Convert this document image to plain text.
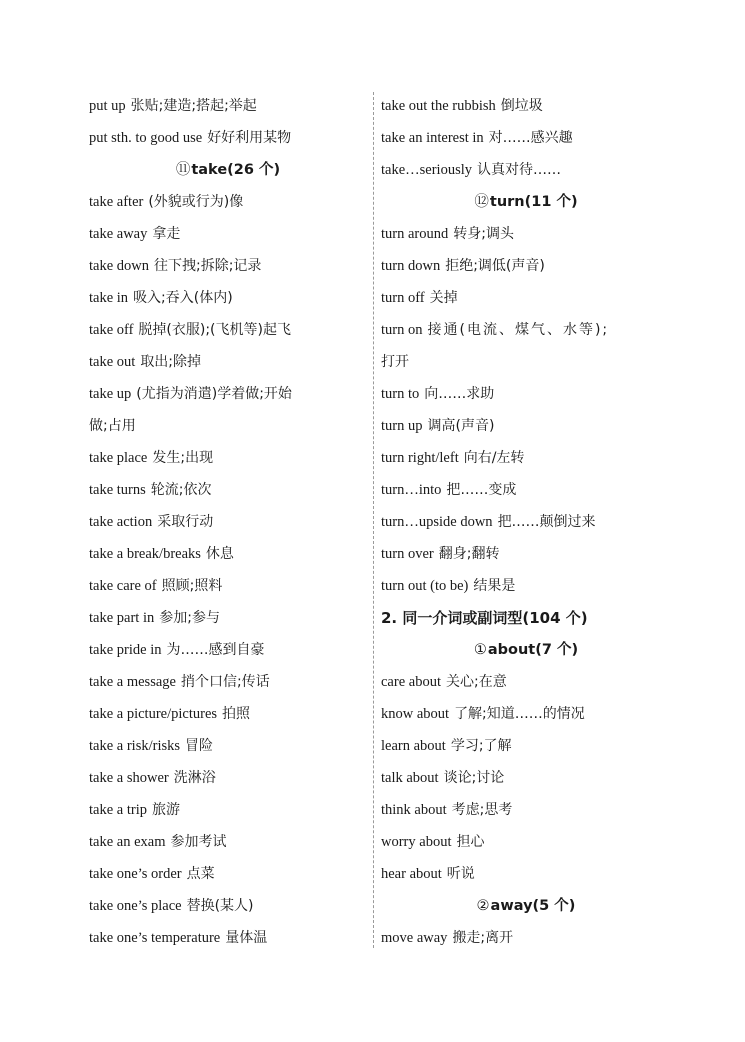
put up 张贴;建造;搭起;举起
put sth. to good use 好好利用某物
⑪take(26 个)
take after (外貌或行为)像
take away 拿走
take down 往下拽;拆除;记录
take in 吸入;吞入(体内)
take off 脱掉(衣服);(飞机等)起飞
take out 取出;除掉
take up (尤指为消遣)学着做;开始
做;占用
take place 发生;出现
take turns 轮流;依次
take action 采取行动
take a break/breaks 休息
take care of 照顾;照料
take part in 参加;参与
take pride in 为……感到自豪
take a message 捎个口信;传话
take a picture/pictures 拍照
take a risk/risks 冒险
take a shower 洗淋浴
take a trip 旅游
take an exam 参加考试
take one’s order 点菜
take one’s place 替换(某人)
take one’s temperature 量体温
take out the rubbish 倒垃圾
take an interest in 对……感兴趣
take…seriously 认真对待……
⑫turn(11 个)
turn around 转身;调头
turn down 拒绝;调低(声音)
turn off 关掉
turn on 接通(电流、煤气、水等);
打开
turn to 向……求助
turn up 调高(声音)
turn right/left 向右/左转
turn…into 把……变成
turn…upside down 把……颠倒过来
turn over 翻身;翻转
turn out (to be) 结果是
2. 同一介词或副词型(104 个)
①about(7 个)
care about 关心;在意
know about 了解;知道……的情况
learn about 学习;了解
talk about 谈论;讨论
think about 考虑;思考
worry about 担心
hear about 听说
②away(5 个)
move away 搬走;离开
